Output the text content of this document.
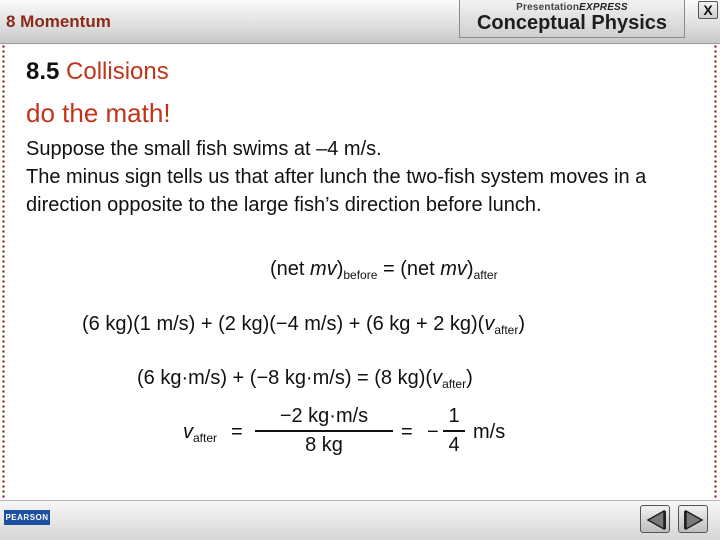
8 Momentum
PresentationEXPRESS
Conceptual Physics
X
8.5 Collisions
do the math!
Suppose the small fish swims at –4 m/s.
The minus sign tells us that after lunch the two-fish system moves in a direction opposite to the large fish’s direction before lunch.
(net $mv)_{before} = (net$ $mv)_{after}$
(6 kg)(1 m/s) + (2 kg)(−4 m/s) + (6 kg + 2 $kg)(v_{after})$
(6 kg·m/s) + (−8 kg·m/s) = (8 $kg)(v_{after})$
$v_{after}$ =
−2 kg·m/s
8 kg
= −
1
4
m/s
PEARSON
